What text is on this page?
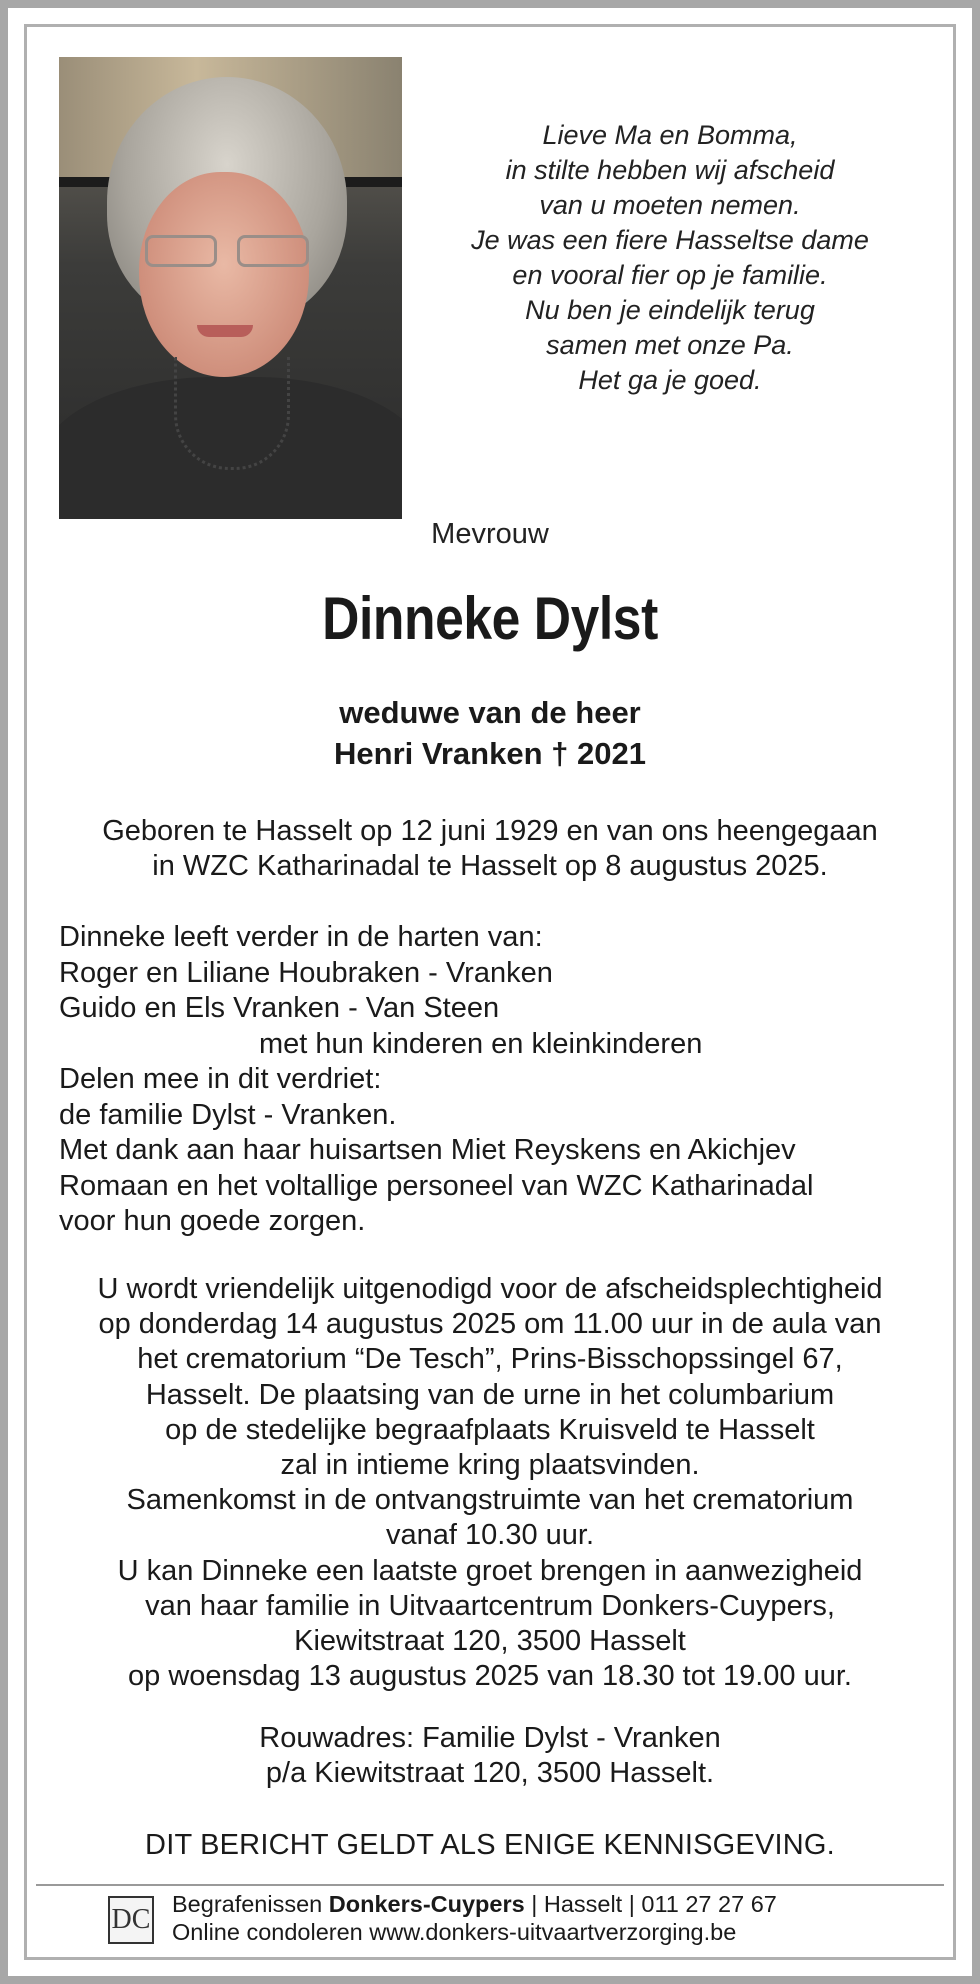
Lieve Ma en Bomma,
in stilte hebben wij afscheid
van u moeten nemen.
Je was een fiere Hasseltse dame
en vooral fier op je familie.
Nu ben je eindelijk terug
samen met onze Pa.
Het ga je goed.
Mevrouw
Dinneke Dylst
weduwe van de heer
Henri Vranken † 2021
Geboren te Hasselt op 12 juni 1929 en van ons heengegaan
in WZC Katharinadal te Hasselt op 8 augustus 2025.
Dinneke leeft verder in de harten van:
Roger en Liliane Houbraken - Vranken
Guido en Els Vranken - Van Steen
met hun kinderen en kleinkinderen
Delen mee in dit verdriet:
de familie Dylst - Vranken.
Met dank aan haar huisartsen Miet Reyskens en Akichjev
Romaan en het voltallige personeel van WZC Katharinadal
voor hun goede zorgen.
U wordt vriendelijk uitgenodigd voor de afscheidsplechtigheid
op donderdag 14 augustus 2025 om 11.00 uur in de aula van
het crematorium “De Tesch”, Prins-Bisschopssingel 67,
Hasselt. De plaatsing van de urne in het columbarium
op de stedelijke begraafplaats Kruisveld te Hasselt
zal in intieme kring plaatsvinden.
Samenkomst in de ontvangstruimte van het crematorium
vanaf 10.30 uur.
U kan Dinneke een laatste groet brengen in aanwezigheid
van haar familie in Uitvaartcentrum Donkers-Cuypers,
Kiewitstraat 120, 3500 Hasselt
op woensdag 13 augustus 2025 van 18.30 tot 19.00 uur.
Rouwadres: Familie Dylst - Vranken
p/a Kiewitstraat 120, 3500 Hasselt.
DIT BERICHT GELDT ALS ENIGE KENNISGEVING.
DC Begrafenissen Donkers-Cuypers | Hasselt | 011 27 27 67
Online condoleren www.donkers-uitvaartverzorging.be
